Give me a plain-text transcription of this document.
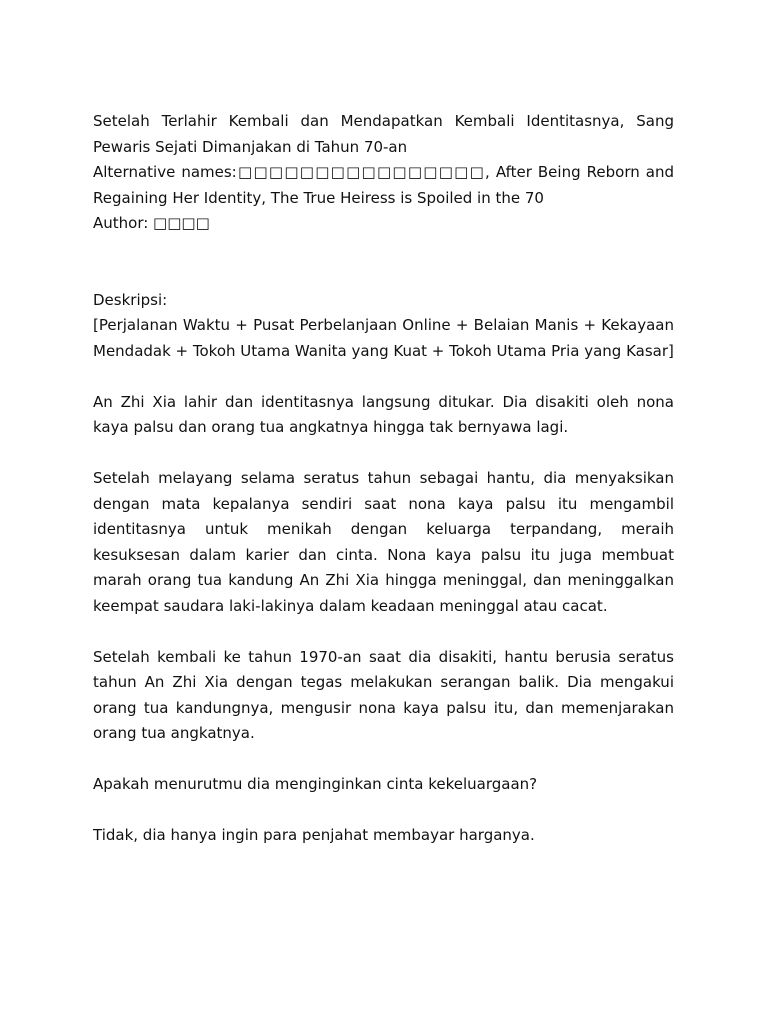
Setelah Terlahir Kembali dan Mendapatkan Kembali Identitasnya, Sang Pewaris Sejati Dimanjakan di Tahun 70-an

Alternative names:□□□□□□□□□□□□□□□□, After Being Reborn and Regaining Her Identity, The True Heiress is Spoiled in the 70

Author: □□□□

Deskripsi:

[Perjalanan Waktu + Pusat Perbelanjaan Online + Belaian Manis + Kekayaan Mendadak + Tokoh Utama Wanita yang Kuat + Tokoh Utama Pria yang Kasar]

An Zhi Xia lahir dan identitasnya langsung ditukar. Dia disakiti oleh nona kaya palsu dan orang tua angkatnya hingga tak bernyawa lagi.

Setelah melayang selama seratus tahun sebagai hantu, dia menyaksikan dengan mata kepalanya sendiri saat nona kaya palsu itu mengambil identitasnya untuk menikah dengan keluarga terpandang, meraih kesuksesan dalam karier dan cinta. Nona kaya palsu itu juga membuat marah orang tua kandung An Zhi Xia hingga meninggal, dan meninggalkan keempat saudara laki-lakinya dalam keadaan meninggal atau cacat.

Setelah kembali ke tahun 1970-an saat dia disakiti, hantu berusia seratus tahun An Zhi Xia dengan tegas melakukan serangan balik. Dia mengakui orang tua kandungnya, mengusir nona kaya palsu itu, dan memenjarakan orang tua angkatnya.

Apakah menurutmu dia menginginkan cinta kekeluargaan?

Tidak, dia hanya ingin para penjahat membayar harganya.
